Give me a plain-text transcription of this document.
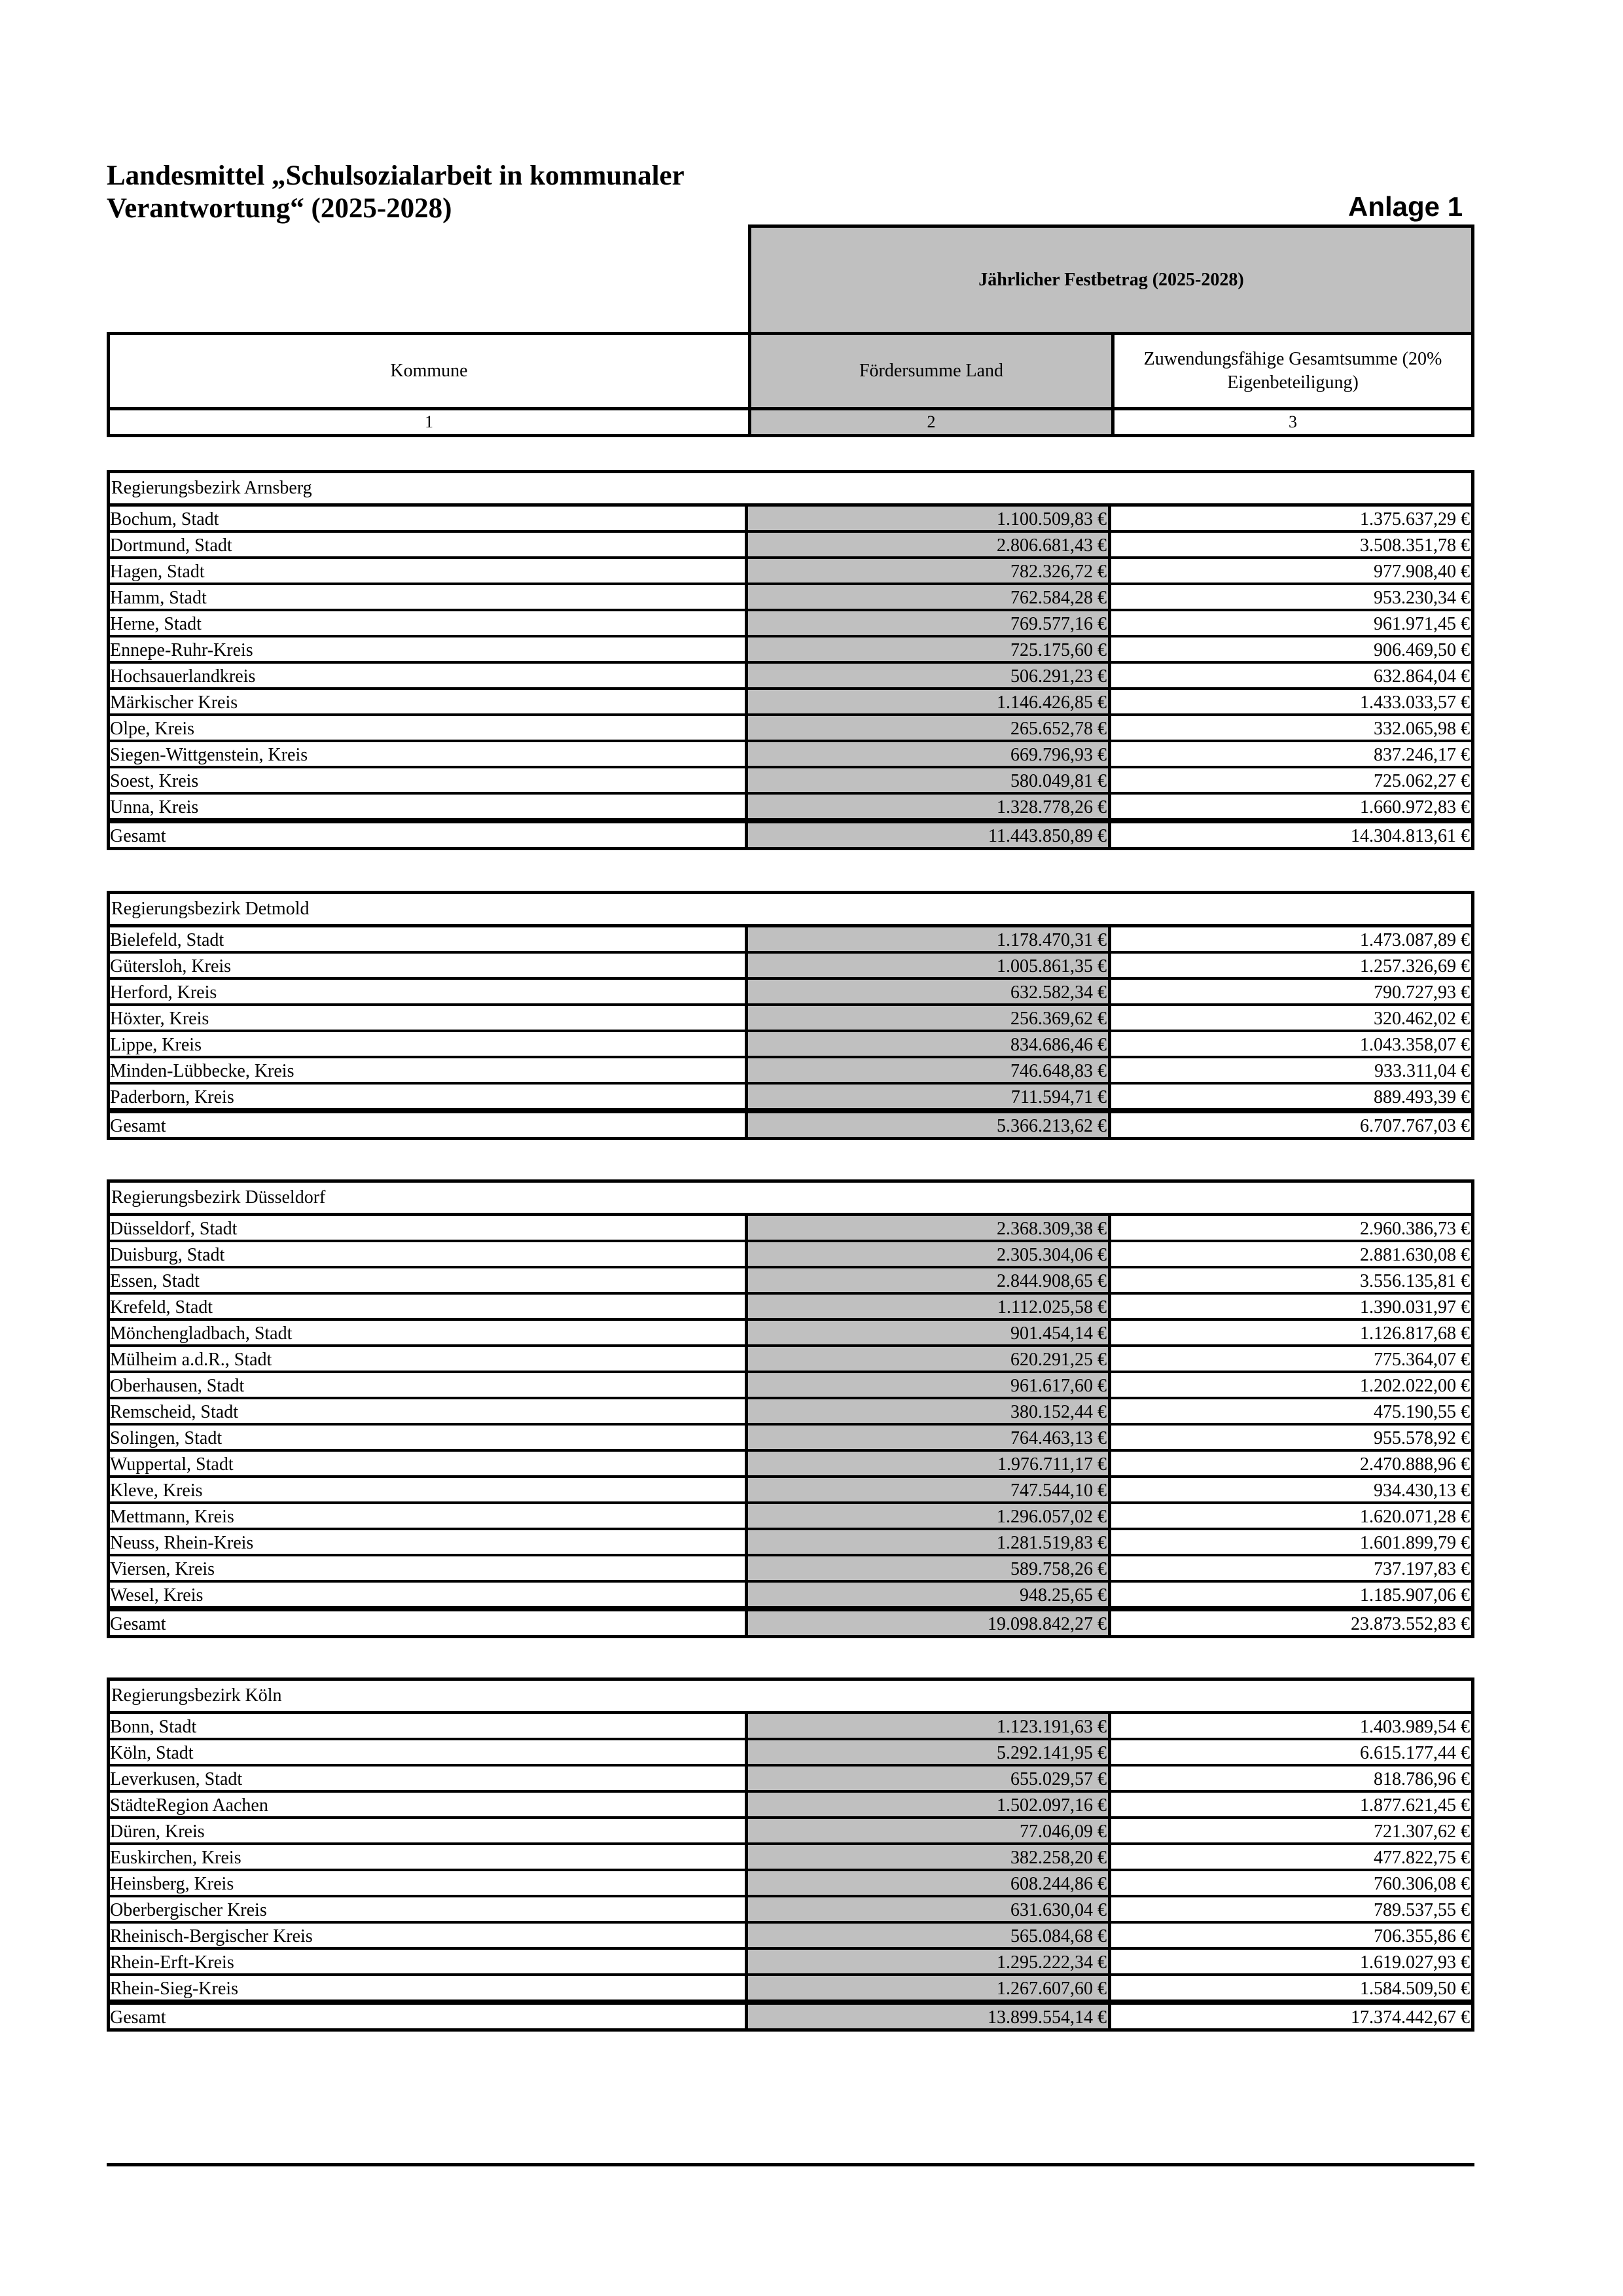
Landesmittel „Schulsozialarbeit in kommunaler
Verantwortung“ (2025-2028)	Anlage 1
Jährlicher Festbetrag (2025-2028)
Kommune	Fördersumme Land
Zuwendungsfähige Gesamtsumme (20% Eigenbeteiligung)
1	2	3
Regierungsbezirk Arnsberg
Bochum, Stadt	1.100.509,83 €	1.375.637,29 €
Dortmund, Stadt	2.806.681,43 €	3.508.351,78 €
Hagen, Stadt	782.326,72 €	977.908,40 €
Hamm, Stadt	762.584,28 €	953.230,34 €
Herne, Stadt	769.577,16 €	961.971,45 €
Ennepe-Ruhr-Kreis	725.175,60 €	906.469,50 €
Hochsauerlandkreis	506.291,23 €	632.864,04 €
Märkischer Kreis	1.146.426,85 €	1.433.033,57 €
Olpe, Kreis	265.652,78 €	332.065,98 €
Siegen-Wittgenstein, Kreis	669.796,93 €	837.246,17 €
Soest, Kreis	580.049,81 €	725.062,27 €
Unna, Kreis	1.328.778,26 €	1.660.972,83 €
Gesamt	11.443.850,89 €	14.304.813,61 €
Regierungsbezirk Detmold
Bielefeld, Stadt	1.178.470,31 €	1.473.087,89 €
Gütersloh, Kreis	1.005.861,35 €	1.257.326,69 €
Herford, Kreis	632.582,34 €	790.727,93 €
Höxter, Kreis	256.369,62 €	320.462,02 €
Lippe, Kreis	834.686,46 €	1.043.358,07 €
Minden-Lübbecke, Kreis	746.648,83 €	933.311,04 €
Paderborn, Kreis	711.594,71 €	889.493,39 €
Gesamt	5.366.213,62 €	6.707.767,03 €
Regierungsbezirk Düsseldorf
Düsseldorf, Stadt	2.368.309,38 €	2.960.386,73 €
Duisburg, Stadt	2.305.304,06 €	2.881.630,08 €
Essen, Stadt	2.844.908,65 €	3.556.135,81 €
Krefeld, Stadt	1.112.025,58 €	1.390.031,97 €
Mönchengladbach, Stadt	901.454,14 €	1.126.817,68 €
Mülheim a.d.R., Stadt	620.291,25 €	775.364,07 €
Oberhausen, Stadt	961.617,60 €	1.202.022,00 €
Remscheid, Stadt	380.152,44 €	475.190,55 €
Solingen, Stadt	764.463,13 €	955.578,92 €
Wuppertal, Stadt	1.976.711,17 €	2.470.888,96 €
Kleve, Kreis	747.544,10 €	934.430,13 €
Mettmann, Kreis	1.296.057,02 €	1.620.071,28 €
Neuss, Rhein-Kreis	1.281.519,83 €	1.601.899,79 €
Viersen, Kreis	589.758,26 €	737.197,83 €
Wesel, Kreis	948.25,65 €	1.185.907,06 €
Gesamt	19.098.842,27 €	23.873.552,83 €
Regierungsbezirk Köln
Bonn, Stadt	1.123.191,63 €	1.403.989,54 €
Köln, Stadt	5.292.141,95 €	6.615.177,44 €
Leverkusen, Stadt	655.029,57 €	818.786,96 €
StädteRegion Aachen	1.502.097,16 €	1.877.621,45 €
Düren, Kreis	77.046,09 €	721.307,62 €
Euskirchen, Kreis	382.258,20 €	477.822,75 €
Heinsberg, Kreis	608.244,86 €	760.306,08 €
Oberbergischer Kreis	631.630,04 €	789.537,55 €
Rheinisch-Bergischer Kreis	565.084,68 €	706.355,86 €
Rhein-Erft-Kreis	1.295.222,34 €	1.619.027,93 €
Rhein-Sieg-Kreis	1.267.607,60 €	1.584.509,50 €
Gesamt	13.899.554,14 €	17.374.442,67 €
